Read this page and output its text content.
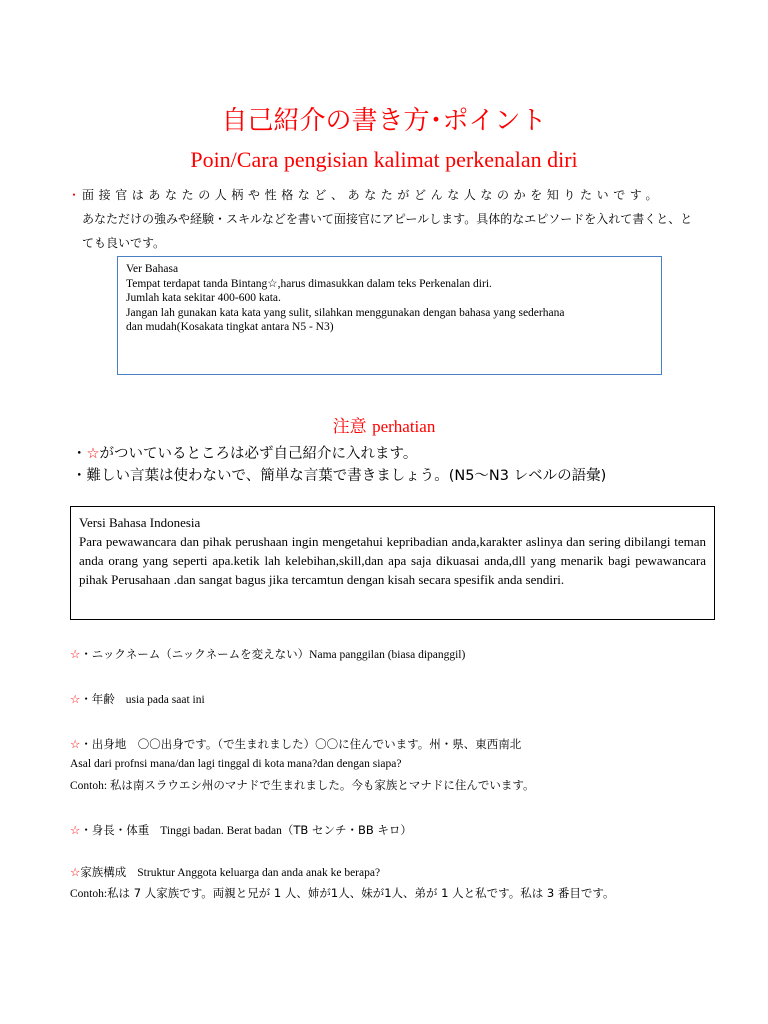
自己紹介の書き方･ポイント
Poin/Cara pengisian kalimat perkenalan diri
・ 面接官はあなたの人柄や性格など、あなたがどんな人なのかを知りたいです。
あなただけの強みや経験・スキルなどを書いて面接官にアピールします。具体的なエピソードを入れて書くと、とても良いです。
Ver Bahasa
Tempat terdapat tanda Bintang☆,harus dimasukkan dalam teks Perkenalan diri.
Jumlah kata sekitar 400-600 kata.
Jangan lah gunakan kata kata yang sulit, silahkan menggunakan dengan bahasa yang sederhana
dan mudah(Kosakata tingkat antara N5 - N3)
注意 perhatian
・☆がついているところは必ず自己紹介に入れます。
・難しい言葉は使わないで、簡単な言葉で書きましょう。(N5～N3 レベルの語彙)
Versi Bahasa Indonesia
Para pewawancara dan pihak perushaan ingin mengetahui kepribadian anda,karakter aslinya dan sering dibilangi teman anda orang yang seperti apa.ketik lah kelebihan,skill,dan apa saja dikuasai anda,dll yang menarik bagi pewawancara pihak Perusahaan .dan sangat bagus jika tercamtun dengan kisah secara spesifik anda sendiri.
☆・ニックネーム（ニックネームを変えない）Nama panggilan (biasa dipanggil)
☆・年齢 usia pada saat ini
☆・出身地　〇〇出身です。（で生まれました）〇〇に住んでいます。州・県、東西南北
Asal dari profnsi mana/dan lagi tinggal di kota mana?dan dengan siapa?
Contoh: 私は南スラウエシ州のマナドで生まれました。今も家族とマナドに住んでいます。
☆・身長・体重 Tinggi badan. Berat badan（TB センチ・BB キロ）
☆家族構成 Struktur Anggota keluarga dan anda anak ke berapa?
Contoh:私は 7 人家族です。両親と兄が 1 人、姉が1人、妹が1人、弟が 1 人と私です。私は 3 番目です。
